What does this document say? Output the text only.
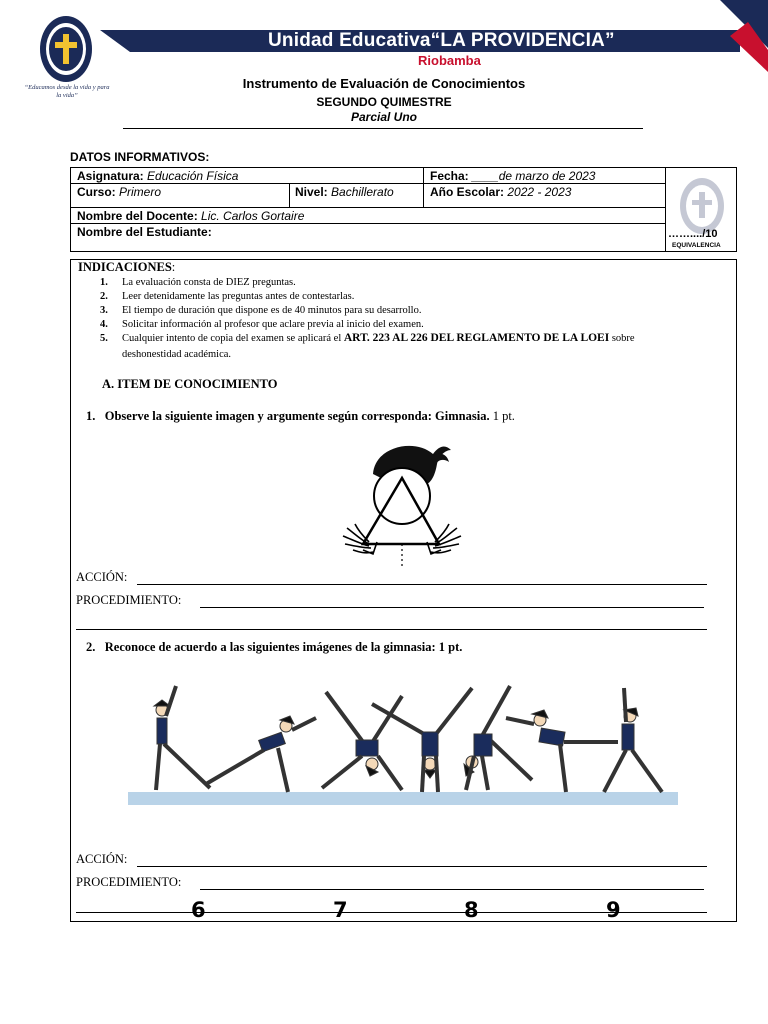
“Educamos desde la vida y para la vida”
Unidad Educativa“LA PROVIDENCIA”
Riobamba
Instrumento de Evaluación de Conocimientos
SEGUNDO QUIMESTRE
Parcial Uno
DATOS INFORMATIVOS:
Asignatura: Educación Física	Fecha: ____de marzo de 2023
Curso: Primero	Nivel: Bachillerato	Año Escolar: 2022 - 2023
Nombre del Docente: Lic. Carlos Gortaire
Nombre del Estudiante:	……..../10
EQUIVALENCIA
INDICACIONES:
1. La evaluación consta de DIEZ preguntas.
2. Leer detenidamente las preguntas antes de contestarlas.
3. El tiempo de duración que dispone es de 40 minutos para su desarrollo.
4. Solicitar información al profesor que aclare previa al inicio del examen.
5. Cualquier intento de copia del examen se aplicará el ART. 223 AL 226 DEL REGLAMENTO DE LA LOEI sobre
deshonestidad académica.
A. ITEM DE CONOCIMIENTO
1. Observe la siguiente imagen y argumente según corresponda: Gimnasia. 1 pt.
ACCIÓN:
PROCEDIMIENTO:
2. Reconoce de acuerdo a las siguientes imágenes de la gimnasia: 1 pt.
ACCIÓN:
PROCEDIMIENTO:
6	7	8	9
